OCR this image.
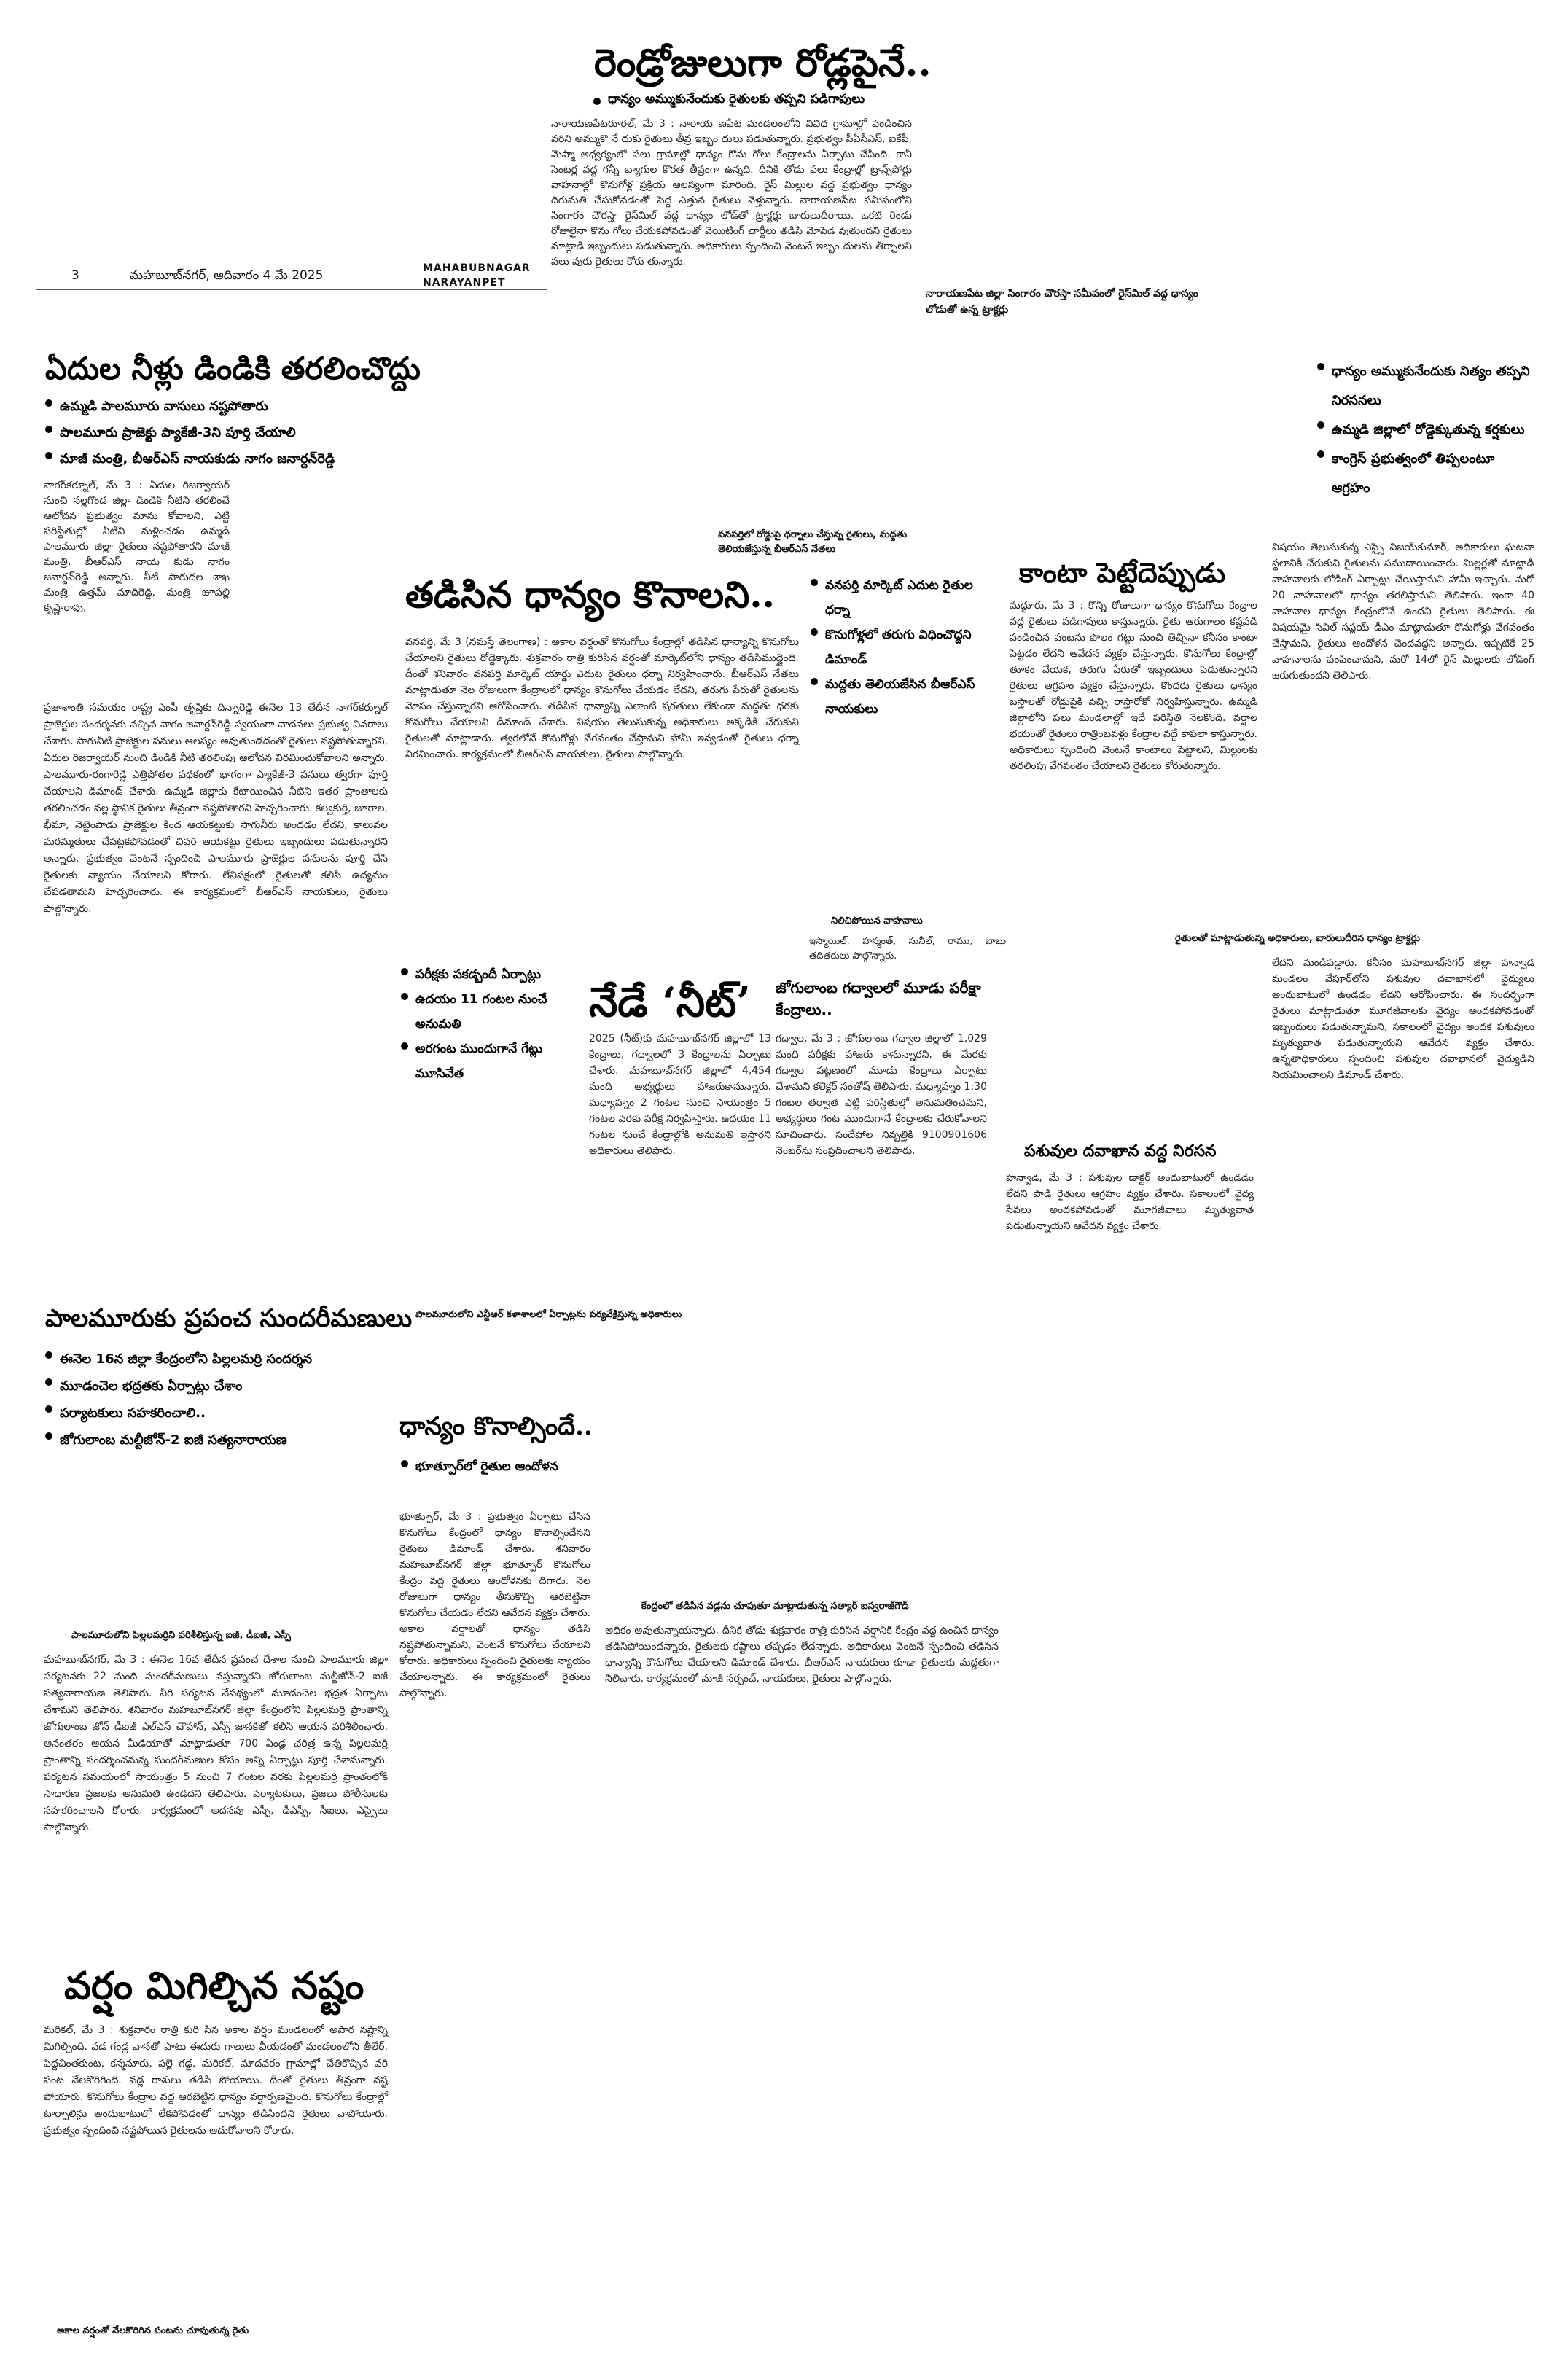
3	మహబూబ్‌నగర్, ఆదివారం 4 మే 2025	MAHABUBNAGAR
NARAYANPET
రెండ్రోజులుగా రోడ్లపైనే..
ధాన్యం అమ్ముకునేందుకు రైతులకు తప్పని పడిగాపులు

నారాయణపేటరూరల్, మే 3 : నారాయ ణపేట మండలంలోని వివిధ గ్రామాల్లో పండించిన వరిని అమ్ముకొ నే దుకు రైతులు తీవ్ర ఇబ్బం దులు పడుతున్నారు. ప్రభుత్వం పీఏసీఎస్, ఐకేపీ, మెప్మా ఆధ్వర్యంలో పలు గ్రామాల్లో ధాన్యం కొను గోలు కేంద్రాలను ఏర్పాటు చేసింది. కానీ సెంటర్ల వద్ద గన్నీ బ్యాగుల కొరత తీవ్రంగా ఉన్నది. దీనికి తోడు పలు కేంద్రాల్లో ట్రాన్స్‌పోర్టు వాహనాల్లో కొనుగోళ్ల ప్రక్రియ ఆలస్యంగా మారింది. రైస్ మిల్లుల వద్ద ప్రభుత్వం ధాన్యం దిగుమతి చేసుకోవడంతో పెద్ద ఎత్తున రైతులు వెళ్తున్నారు. నారాయణపేట సమీపంలోని సింగారం చౌరస్తా రైస్‌మిల్ వద్ద ధాన్యం లోడ్‌తో ట్రాక్టర్లు బారులుదీరాయి. ఒకటి రెండు రోజులైనా కొను గోలు చేయకపోవడంతో వెయిటింగ్ చార్జీలు తడిసి మోపెడ వుతుందని రైతులు మాట్లాడి ఇబ్బందులు పడుతున్నారు. అధికారులు స్పందించి వెంటనే ఇబ్బం దులను తీర్చాలని పలు వురు రైతులు కోరు తున్నారు.

నారాయణపేట జిల్లా సింగారం చౌరస్తా సమీపంలో రైస్‌మిల్ వద్ద ధాన్యం లోడుతో ఉన్న ట్రాక్టర్లు

ఏదుల నీళ్లు డిండికి తరలించొద్దు
ఉమ్మడి పాలమూరు వాసులు నష్టపోతారు
పాలమూరు ప్రాజెక్టు ప్యాకేజీ-3ని పూర్తి చేయాలి
మాజీ మంత్రి, బీఆర్‌ఎస్ నాయకుడు నాగం జనార్దన్‌రెడ్డి

నాగర్‌కర్నూల్, మే 3 : ఏదుల రిజర్వాయర్ నుంచి నల్లగొండ జిల్లా డిండికి నీటిని తరలించే ఆలోచన ప్రభుత్వం మాను కోవాలని, ఎట్టి పరిస్థితుల్లో నీటిని మళ్లించడం ఉమ్మడి పాలమూరు జిల్లా రైతులు నష్టపోతారని మాజీ మంత్రి, బీఆర్‌ఎస్ నాయ కుడు నాగం జనార్దన్‌రెడ్డి అన్నారు. నీటి పారుదల శాఖ మంత్రి ఉత్తమ్ మాదిరెడ్డి, మంత్రి జూపల్లి కృష్ణారావు,

ప్రజాశాంతి సమయం రాష్ట్ర ఎంపీ తృప్తికు దిన్నారెడ్డి ఈనెల 13 తేదీన నాగర్‌కర్నూల్ ప్రాజెక్టుల సందర్శనకు వచ్చిన నాగం జనార్దన్‌రెడ్డి స్వయంగా వాదనలు ప్రభుత్వ వివరాలు చేశారు. సాగునీటి ప్రాజెక్టుల పనులు ఆలస్యం అవుతుండడంతో రైతులు నష్టపోతున్నారని, ఏదుల రిజర్వాయర్ నుంచి డిండికి నీటి తరలింపు ఆలోచన విరమించుకోవాలని అన్నారు. పాలమూరు-రంగారెడ్డి ఎత్తిపోతల పథకంలో భాగంగా ప్యాకేజీ-3 పనులు త్వరగా పూర్తి చేయాలని డిమాండ్ చేశారు. ఉమ్మడి జిల్లాకు కేటాయించిన నీటిని ఇతర ప్రాంతాలకు తరలించడం వల్ల స్థానిక రైతులు తీవ్రంగా నష్టపోతారని హెచ్చరించారు. కల్వకుర్తి, జూరాల, భీమా, నెట్టెంపాడు ప్రాజెక్టుల కింద ఆయకట్టుకు సాగునీరు అందడం లేదని, కాలువల మరమ్మతులు చేపట్టకపోవడంతో చివరి ఆయకట్టు రైతులు ఇబ్బందులు పడుతున్నారని అన్నారు. ప్రభుత్వం వెంటనే స్పందించి పాలమూరు ప్రాజెక్టుల పనులను పూర్తి చేసి రైతులకు న్యాయం చేయాలని కోరారు. లేనిపక్షంలో రైతులతో కలిసి ఉద్యమం చేపడతామని హెచ్చరించారు. ఈ కార్యక్రమంలో బీఆర్‌ఎస్ నాయకులు, రైతులు పాల్గొన్నారు.

పాలమూరుకు ప్రపంచ సుందరీమణులు
ఈనెల 16న జిల్లా కేంద్రంలోని పిల్లలమర్రి సందర్శన
మూడంచెల భద్రతకు ఏర్పాట్లు చేశాం
పర్యాటకులు సహకరించాలి..
జోగులాంబ మల్టీజోన్-2 ఐజీ సత్యనారాయణ

పాలమూరులోని పిల్లలమర్రిని పరిశీలిస్తున్న ఐజీ, డీఐజీ, ఎస్పీ

మహబూబ్‌నగర్, మే 3 : ఈనెల 16వ తేదీన ప్రపంచ దేశాల నుంచి పాలమూరు జిల్లా పర్యటనకు 22 మంది సుందరీమణులు వస్తున్నారని జోగులాంబ మల్టీజోన్-2 ఐజీ సత్యనారాయణ తెలిపారు. వీరి పర్యటన నేపథ్యంలో మూడంచెల భద్రత ఏర్పాటు చేశామని తెలిపారు. శనివారం మహబూబ్‌నగర్ జిల్లా కేంద్రంలోని పిల్లలమర్రి ప్రాంతాన్ని జోగులాంబ జోన్ డీఐజీ ఎల్‌ఎస్ చౌహాన్, ఎస్పీ జానకితో కలిసి ఆయన పరిశీలించారు. అనంతరం ఆయన మీడియాతో మాట్లాడుతూ 700 ఏండ్ల చరిత్ర ఉన్న పిల్లలమర్రి ప్రాంతాన్ని సందర్శించనున్న సుందరీమణుల కోసం అన్ని ఏర్పాట్లు పూర్తి చేశామన్నారు. పర్యటన సమయంలో సాయంత్రం 5 నుంచి 7 గంటల వరకు పిల్లలమర్రి ప్రాంతంలోకి సాధారణ ప్రజలకు అనుమతి ఉండదని తెలిపారు. పర్యాటకులు, ప్రజలు పోలీసులకు సహకరించాలని కోరారు. కార్యక్రమంలో అదనపు ఎస్పీ, డీఎస్పీ, సీఐలు, ఎస్సైలు పాల్గొన్నారు.

వర్షం మిగిల్చిన నష్టం

మరికల్, మే 3 : శుక్రవారం రాత్రి కురి సిన అకాల వర్షం మండలంలో అపార నష్టాన్ని మిగిల్చింది. వడ గండ్ల వానతో పాటు ఈదురు గాలులు వీయడంతో మండలంలోని తీలేర్, పెద్దచింతకుంట, కన్మనూరు, పల్లె గడ్డ, మరికల్, మాదవరం గ్రామాల్లో చేతికొచ్చిన వరి పంట నేలకొరిగింది. వడ్ల రాశులు తడిసి పోయాయి. దీంతో రైతులు తీవ్రంగా నష్ట పోయారు. కొనుగోలు కేంద్రాల వద్ద ఆరబెట్టిన ధాన్యం వర్షార్పణమైంది. కొనుగోలు కేంద్రాల్లో టార్పాలిన్లు అందుబాటులో లేకపోవడంతో ధాన్యం తడిసిందని రైతులు వాపోయారు. ప్రభుత్వం స్పందించి నష్టపోయిన రైతులను ఆదుకోవాలని కోరారు.

అకాల వర్షంతో నేలకొరిగిన పంటను చూపుతున్న రైతు

వనపర్తిలో రోడ్డుపై ధర్నాలు చేస్తున్న రైతులు, మద్దతు తెలియజేస్తున్న బీఆర్‌ఎస్ నేతలు

తడిసిన ధాన్యం కొనాలని..	వనపర్తి మార్కెట్ ఎదుట రైతుల ధర్నా
కొనుగోళ్లలో తరుగు విధించొద్దని డిమాండ్
మద్దతు తెలియజేసిన బీఆర్‌ఎస్ నాయకులు

వనపర్తి, మే 3 (నమస్తే తెలంగాణ) : అకాల వర్షంతో కొనుగోలు కేంద్రాల్లో తడిసిన ధాన్యాన్ని కొనుగోలు చేయాలని రైతులు రోడ్డెక్కారు. శుక్రవారం రాత్రి కురిసిన వర్షంతో మార్కెట్‌లోని ధాన్యం తడిసిముద్దైంది. దీంతో శనివారం వనపర్తి మార్కెట్ యార్డు ఎదుట రైతులు ధర్నా నిర్వహించారు. బీఆర్‌ఎస్ నేతలు మాట్లాడుతూ నెల రోజులుగా కేంద్రాలలో ధాన్యం కొనుగోలు చేయడం లేదని, తరుగు పేరుతో రైతులను మోసం చేస్తున్నారని ఆరోపించారు. తడిసిన ధాన్యాన్ని ఎలాంటి షరతులు లేకుండా మద్దతు ధరకు కొనుగోలు చేయాలని డిమాండ్ చేశారు. విషయం తెలుసుకున్న అధికారులు అక్కడికి చేరుకుని రైతులతో మాట్లాడారు. త్వరలోనే కొనుగోళ్లు వేగవంతం చేస్తామని హామీ ఇవ్వడంతో రైతులు ధర్నా విరమించారు. కార్యక్రమంలో బీఆర్‌ఎస్ నాయకులు, రైతులు పాల్గొన్నారు.

నిలిచిపోయిన వాహనాలు

ఇస్మాయిల్, హన్మంత్, సునీల్, రాము, బాబు తదితరులు పాల్గొన్నారు.

ధాన్యం అమ్ముకునేందుకు నిత్యం తప్పని నిరసనలు
ఉమ్మడి జిల్లాలో రోడ్డెక్కుతున్న కర్షకులు
కాంగ్రెస్ ప్రభుత్వంలో తిప్పలంటూ ఆగ్రహం
కాంటా పెట్టేదెప్పుడు

మద్దూరు, మే 3 : కొన్ని రోజులుగా ధాన్యం కొనుగోలు కేంద్రాల వద్ద రైతులు పడిగాపులు కాస్తున్నారు. రైతు ఆరుగాలం కష్టపడి పండించిన పంటను పొలం గట్టు నుంచి తెచ్చినా కనీసం కాంటా పెట్టడం లేదని ఆవేదన వ్యక్తం చేస్తున్నారు. కొనుగోలు కేంద్రాల్లో తూకం వేయక, తరుగు పేరుతో ఇబ్బందులు పెడుతున్నారని రైతులు ఆగ్రహం వ్యక్తం చేస్తున్నారు. కొందరు రైతులు ధాన్యం బస్తాలతో రోడ్డుపైకి వచ్చి రాస్తారోకో నిర్వహిస్తున్నారు. ఉమ్మడి జిల్లాలోని పలు మండలాల్లో ఇదే పరిస్థితి నెలకొంది. వర్షాల భయంతో రైతులు రాత్రింబవళ్లు కేంద్రాల వద్దే కాపలా కాస్తున్నారు. అధికారులు స్పందించి వెంటనే కాంటాలు పెట్టాలని, మిల్లులకు తరలింపు వేగవంతం చేయాలని రైతులు కోరుతున్నారు.

విషయం తెలుసుకున్న ఎస్సై విజయ్‌కుమార్, అధికారులు ఘటనా స్థలానికి చేరుకుని రైతులను సముదాయించారు. మిల్లర్లతో మాట్లాడి వాహనాలకు లోడింగ్ ఏర్పాట్లు చేయిస్తామని హామీ ఇచ్చారు. మరో 20 వాహనాలలో ధాన్యం తరలిస్తామని తెలిపారు. ఇంకా 40 వాహనాల ధాన్యం కేంద్రంలోనే ఉందని రైతులు తెలిపారు. ఈ విషయమై సివిల్ సప్లయ్ డీఎం మాట్లాడుతూ కొనుగోళ్లు వేగవంతం చేస్తామని, రైతులు ఆందోళన చెందవద్దని అన్నారు. ఇప్పటికే 25 వాహనాలను పంపించామని, మరో 14లో రైస్ మిల్లులకు లోడింగ్ జరుగుతుందని తెలిపారు.

రైతులతో మాట్లాడుతున్న అధికారులు, బారులుదీరిన ధాన్యం ట్రాక్టర్లు

లేదని మండిపడ్డారు. కనీసం మహబూబ్‌నగర్ జిల్లా హన్వాడ మండలం వేపూర్‌లోని పశువుల దవాఖానలో వైద్యులు అందుబాటులో ఉండడం లేదని ఆరోపించారు. ఈ సందర్భంగా రైతులు మాట్లాడుతూ మూగజీవాలకు వైద్యం అందకపోవడంతో ఇబ్బందులు పడుతున్నామని, సకాలంలో వైద్యం అందక పశువులు మృత్యువాత పడుతున్నాయని ఆవేదన వ్యక్తం చేశారు. ఉన్నతాధికారులు స్పందించి పశువుల దవాఖానలో వైద్యుడిని నియమించాలని డిమాండ్ చేశారు.

పరీక్షకు పకడ్బందీ ఏర్పాట్లు
ఉదయం 11 గంటల నుంచే అనుమతి
అరగంట ముందుగానే గేట్లు మూసివేత
నేడే ‘నీట్’

2025 (నీట్)కు మహబూబ్‌నగర్ జిల్లాలో 13 కేంద్రాలు, గద్వాలలో 3 కేంద్రాలను ఏర్పాటు చేశారు. మహబూబ్‌నగర్ జిల్లాలో 4,454 మంది అభ్యర్థులు హాజరుకానున్నారు. మధ్యాహ్నం 2 గంటల నుంచి సాయంత్రం 5 గంటల వరకు పరీక్ష నిర్వహిస్తారు. ఉదయం 11 గంటల నుంచే కేంద్రాల్లోకి అనుమతి ఇస్తారని అధికారులు తెలిపారు.

పాలమూరులోని ఎన్టీఆర్ కళాశాలలో ఏర్పాట్లను పర్యవేక్షిస్తున్న అధికారులు

జోగులాంబ గద్వాలలో మూడు పరీక్షా కేంద్రాలు..

గద్వాల, మే 3 : జోగులాంబ గద్వాల జిల్లాలో 1,029 మంది పరీక్షకు హాజరు కానున్నారని, ఈ మేరకు గద్వాల పట్టణంలో మూడు కేంద్రాలు ఏర్పాటు చేశామని కలెక్టర్ సంతోష్ తెలిపారు. మధ్యాహ్నం 1:30 గంటల తర్వాత ఎట్టి పరిస్థితుల్లో అనుమతించమని, అభ్యర్థులు గంట ముందుగానే కేంద్రాలకు చేరుకోవాలని సూచించారు. సందేహాల నివృత్తికి 9100901606 నెంబర్‌ను సంప్రదించాలని తెలిపారు.

ధాన్యం కొనాల్సిందే..
భూత్పూర్‌లో రైతుల ఆందోళన

కేంద్రంలో తడిసిన వడ్లను చూపుతూ మాట్లాడుతున్న సత్యార్ బస్వరాజ్‌గౌడ్

భూత్పూర్, మే 3 : ప్రభుత్వం ఏర్పాటు చేసిన కొనుగోలు కేంద్రంలో ధాన్యం కొనాల్సిందేనని రైతులు డిమాండ్ చేశారు. శనివారం మహబూబ్‌నగర్ జిల్లా భూత్పూర్ కొనుగోలు కేంద్రం వద్ద రైతులు ఆందోళనకు దిగారు. నెల రోజులుగా ధాన్యం తీసుకొచ్చి ఆరబెట్టినా కొనుగోలు చేయడం లేదని ఆవేదన వ్యక్తం చేశారు. అకాల వర్షాలతో ధాన్యం తడిసి నష్టపోతున్నామని, వెంటనే కొనుగోలు చేయాలని కోరారు. అధికారులు స్పందించి రైతులకు న్యాయం చేయాలన్నారు. ఈ కార్యక్రమంలో రైతులు పాల్గొన్నారు.

అధికం అవుతున్నాయన్నారు. దీనికి తోడు శుక్రవారం రాత్రి కురిసిన వర్షానికి కేంద్రం వద్ద ఉంచిన ధాన్యం తడిసిపోయిందన్నారు. రైతులకు కష్టాలు తప్పడం లేదన్నారు. అధికారులు వెంటనే స్పందించి తడిసిన ధాన్యాన్ని కొనుగోలు చేయాలని డిమాండ్ చేశారు. బీఆర్‌ఎస్ నాయకులు కూడా రైతులకు మద్దతుగా నిలిచారు. కార్యక్రమంలో మాజీ సర్పంచ్, నాయకులు, రైతులు పాల్గొన్నారు.

పశువుల దవాఖాన వద్ద నిరసన

హన్వాడ, మే 3 : పశువుల డాక్టర్ అందుబాటులో ఉండడం లేదని పాడి రైతులు ఆగ్రహం వ్యక్తం చేశారు. సకాలంలో వైద్య సేవలు అందకపోవడంతో మూగజీవాలు మృత్యువాత పడుతున్నాయని ఆవేదన వ్యక్తం చేశారు.
